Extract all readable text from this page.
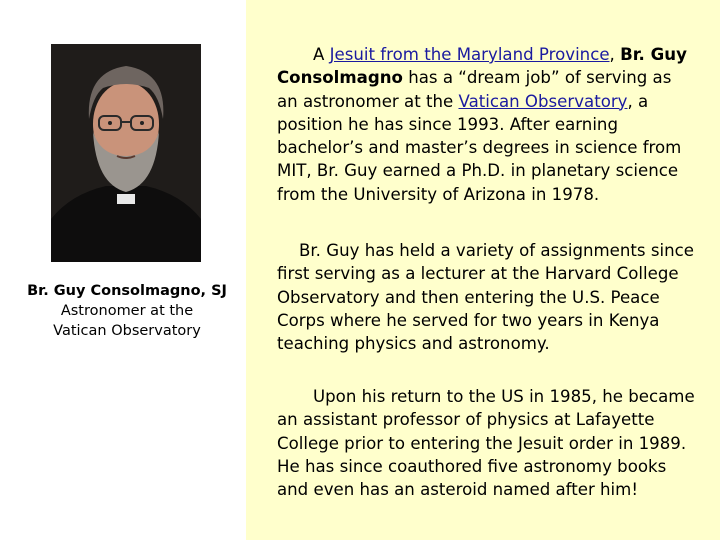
Br. Guy Consolmagno, SJ
Astronomer at the
Vatican Observatory

A Jesuit from the Maryland Province, Br. Guy Consolmagno has a “dream job” of serving as an astronomer at the Vatican Observatory, a position he has since 1993. After earning bachelor’s and master’s degrees in science from MIT, Br. Guy earned a Ph.D. in planetary science from the University of Arizona in 1978.

Br. Guy has held a variety of assignments since first serving as a lecturer at the Harvard College Observatory and then entering the U.S. Peace Corps where he served for two years in Kenya teaching physics and astronomy.

Upon his return to the US in 1985, he became an assistant professor of physics at Lafayette College prior to entering the Jesuit order in 1989. He has since coauthored five astronomy books and even has an asteroid named after him!
